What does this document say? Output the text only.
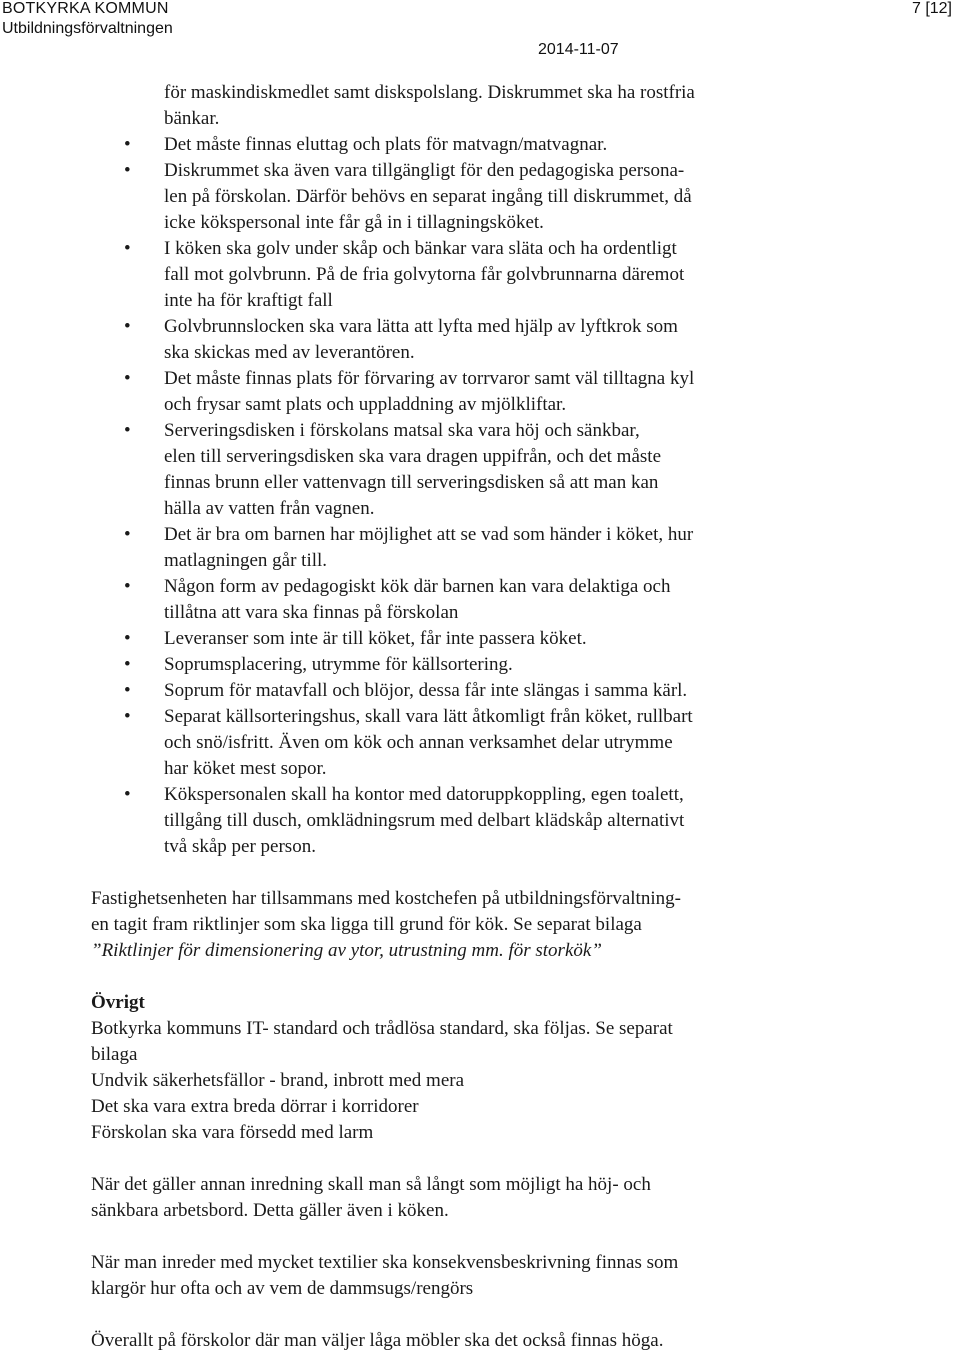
BOTKYRKA KOMMUN
Utbildningsförvaltningen
7 [12]
2014-11-07
för maskindiskmedlet samt diskspolslang. Diskrummet ska ha rostfria
bänkar.
• Det måste finnas eluttag och plats för matvagn/matvagnar.
• Diskrummet ska även vara tillgängligt för den pedagogiska persona-
len på förskolan. Därför behövs en separat ingång till diskrummet, då
icke kökspersonal inte får gå in i tillagningsköket.
• I köken ska golv under skåp och bänkar vara släta och ha ordentligt
fall mot golvbrunn. På de fria golvytorna får golvbrunnarna däremot
inte ha för kraftigt fall
• Golvbrunnslocken ska vara lätta att lyfta med hjälp av lyftkrok som
ska skickas med av leverantören.
• Det måste finnas plats för förvaring av torrvaror samt väl tilltagna kyl
och frysar samt plats och uppladdning av mjölkliftar.
• Serveringsdisken i förskolans matsal ska vara höj och sänkbar,
elen till serveringsdisken ska vara dragen uppifrån, och det måste
finnas brunn eller vattenvagn till serveringsdisken så att man kan
hälla av vatten från vagnen.
• Det är bra om barnen har möjlighet att se vad som händer i köket, hur
matlagningen går till.
• Någon form av pedagogiskt kök där barnen kan vara delaktiga och
tillåtna att vara ska finnas på förskolan
• Leveranser som inte är till köket, får inte passera köket.
• Soprumsplacering, utrymme för källsortering.
• Soprum för matavfall och blöjor, dessa får inte slängas i samma kärl.
• Separat källsorteringshus, skall vara lätt åtkomligt från köket, rullbart
och snö/isfritt. Även om kök och annan verksamhet delar utrymme
har köket mest sopor.
• Kökspersonalen skall ha kontor med datoruppkoppling, egen toalett,
tillgång till dusch, omklädningsrum med delbart klädskåp alternativt
två skåp per person.
Fastighetsenheten har tillsammans med kostchefen på utbildningsförvaltning-
en tagit fram riktlinjer som ska ligga till grund för kök. Se separat bilaga
”Riktlinjer för dimensionering av ytor, utrustning mm. för storkök”
Övrigt
Botkyrka kommuns IT- standard och trådlösa standard, ska följas. Se separat
bilaga
Undvik säkerhetsfällor - brand, inbrott med mera
Det ska vara extra breda dörrar i korridorer
Förskolan ska vara försedd med larm
När det gäller annan inredning skall man så långt som möjligt ha höj- och
sänkbara arbetsbord. Detta gäller även i köken.
När man inreder med mycket textilier ska konsekvensbeskrivning finnas som
klargör hur ofta och av vem de dammsugs/rengörs
Överallt på förskolor där man väljer låga möbler ska det också finnas höga.
